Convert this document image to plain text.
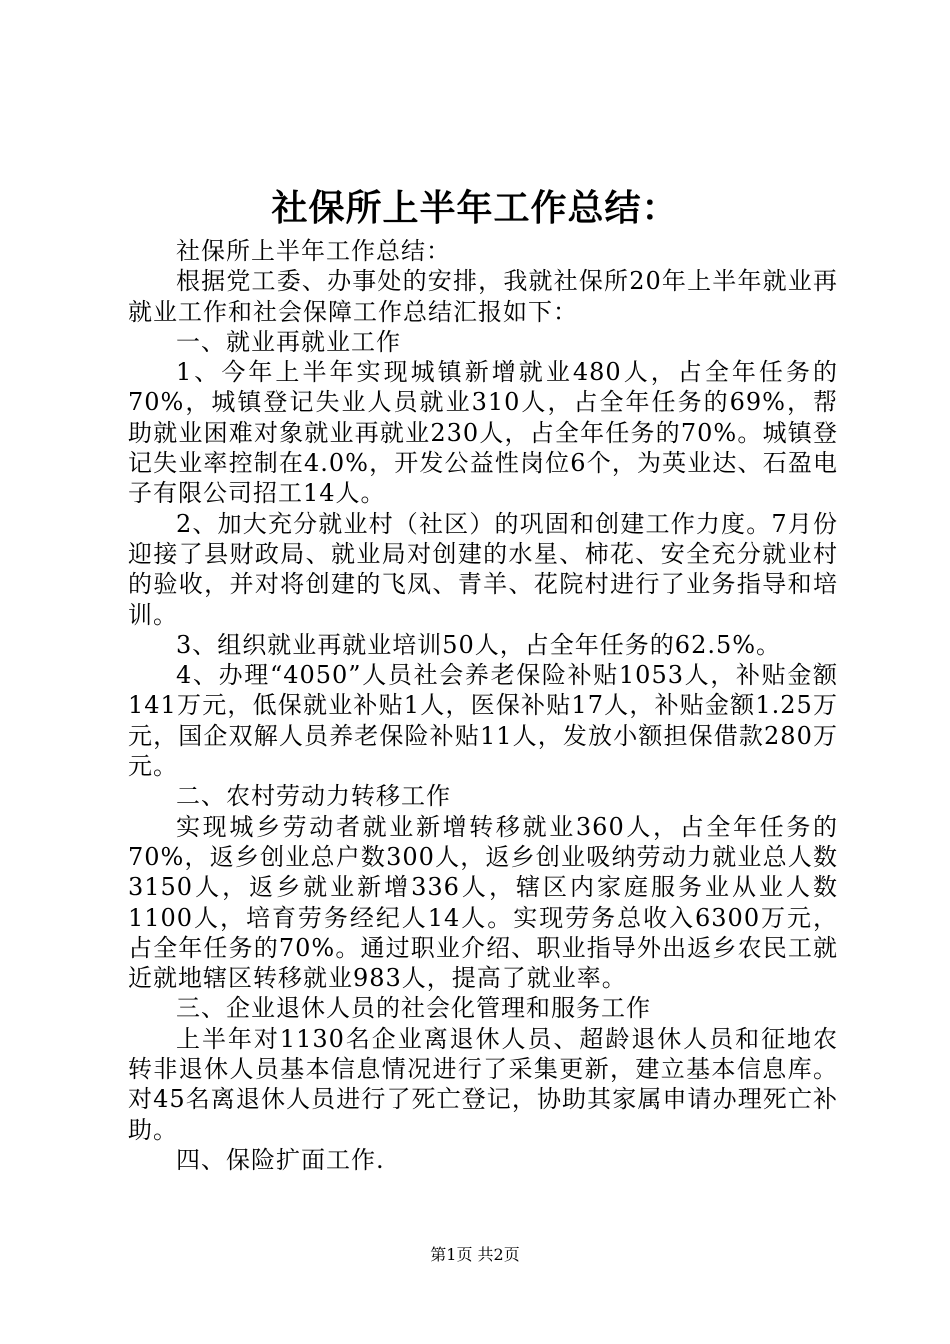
社保所上半年工作总结：

社保所上半年工作总结：

根据党工委、办事处的安排，我就社保所20年上半年就业再就业工作和社会保障工作总结汇报如下：

一、就业再就业工作

1、今年上半年实现城镇新增就业480人，占全年任务的70%，城镇登记失业人员就业310人，占全年任务的69%，帮助就业困难对象就业再就业230人，占全年任务的70%。城镇登记失业率控制在4.0%，开发公益性岗位6个，为英业达、石盈电子有限公司招工14人。

2、加大充分就业村（社区）的巩固和创建工作力度。7月份迎接了县财政局、就业局对创建的水星、柿花、安全充分就业村的验收，并对将创建的飞凤、青羊、花院村进行了业务指导和培训。

3、组织就业再就业培训50人，占全年任务的62.5%。

4、办理“4050”人员社会养老保险补贴1053人，补贴金额141万元，低保就业补贴1人，医保补贴17人，补贴金额1.25万元，国企双解人员养老保险补贴11人，发放小额担保借款280万元。

二、农村劳动力转移工作

实现城乡劳动者就业新增转移就业360人，占全年任务的70%，返乡创业总户数300人，返乡创业吸纳劳动力就业总人数3150人，返乡就业新增336人，辖区内家庭服务业从业人数1100人，培育劳务经纪人14人。实现劳务总收入6300万元，占全年任务的70%。通过职业介绍、职业指导外出返乡农民工就近就地辖区转移就业983人，提高了就业率。

三、企业退休人员的社会化管理和服务工作

上半年对1130名企业离退休人员、超龄退休人员和征地农转非退休人员基本信息情况进行了采集更新，建立基本信息库。对45名离退休人员进行了死亡登记，协助其家属申请办理死亡补助。

四、保险扩面工作.

第1页 共2页
